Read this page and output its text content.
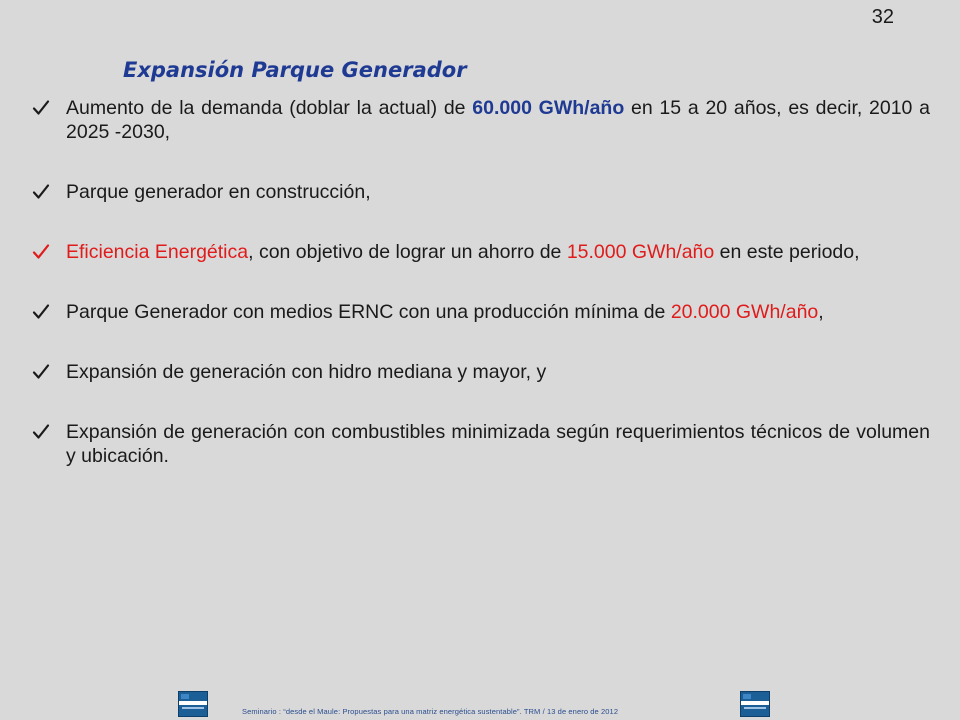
32
Expansión Parque Generador
Aumento de la demanda (doblar la actual) de 60.000 GWh/año en 15 a 20 años, es decir, 2010 a 2025 -2030,
Parque generador en construcción,
Eficiencia Energética, con objetivo de lograr un ahorro de 15.000 GWh/año en este periodo,
Parque Generador con medios ERNC con una producción mínima de 20.000 GWh/año,
Expansión de generación con hidro mediana y mayor, y
Expansión de generación con combustibles minimizada según requerimientos técnicos de volumen y ubicación.
Seminario : “desde el Maule: Propuestas para una matriz energética sustentable”. TRM / 13 de enero de 2012
